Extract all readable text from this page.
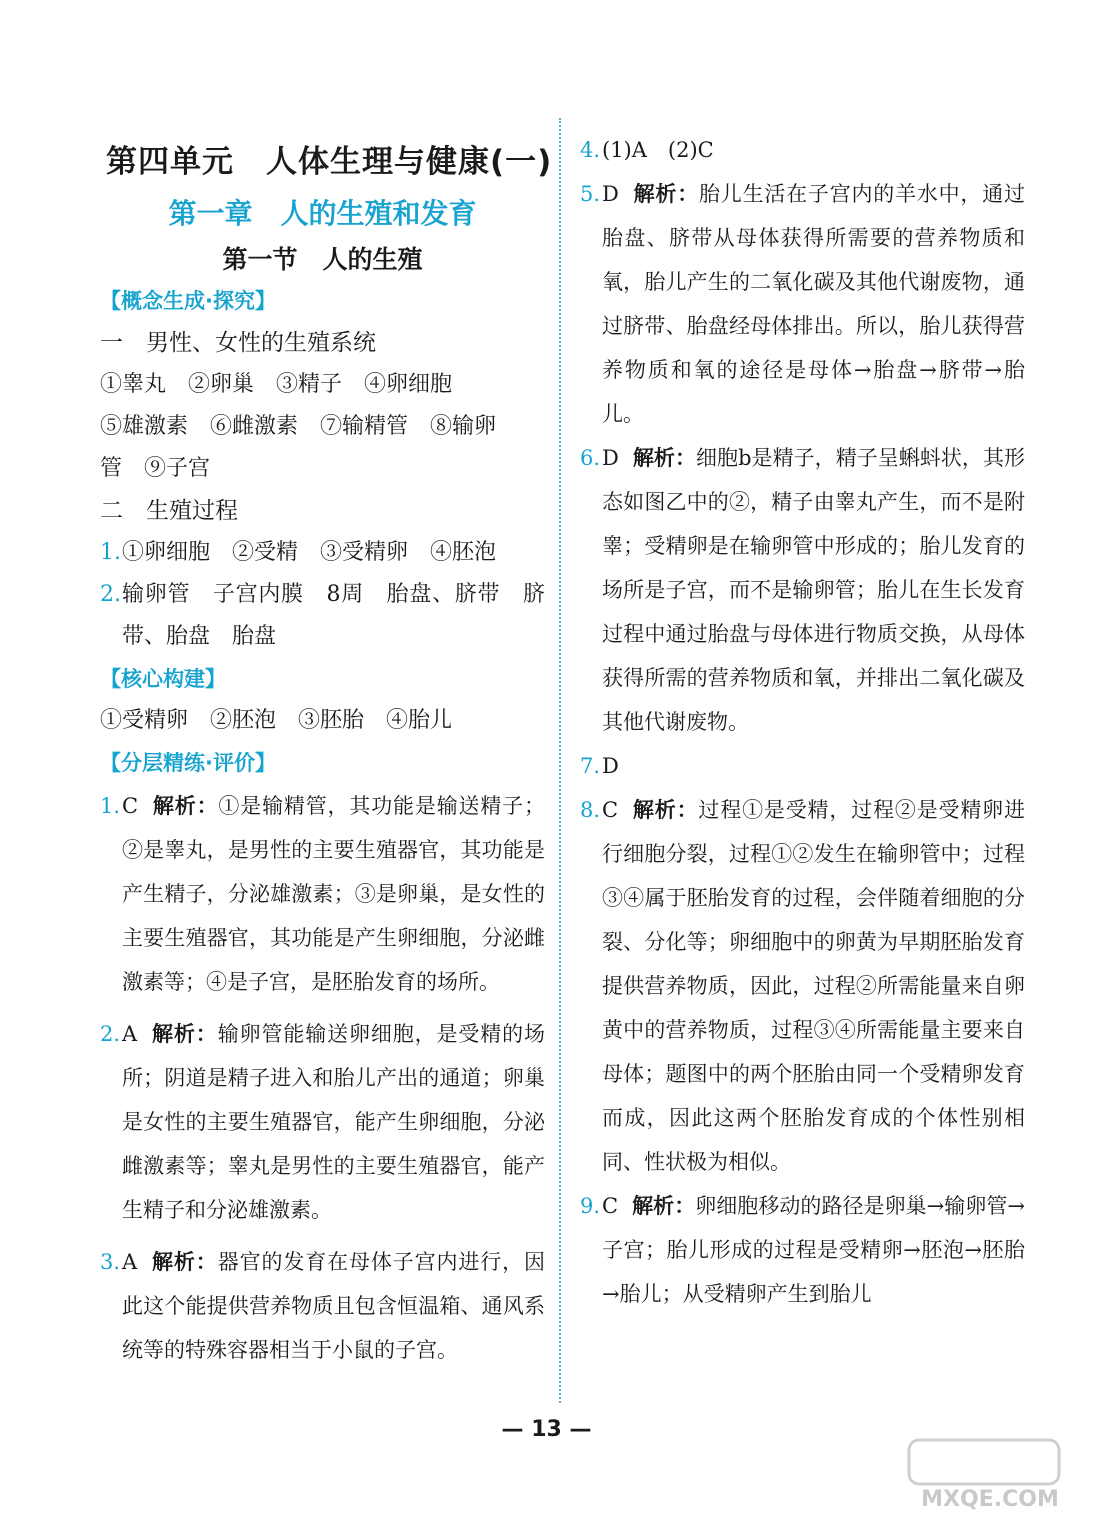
第四单元　人体生理与健康(一)
第一章　人的生殖和发育
第一节　人的生殖
【概念生成·探究】
一　男性、女性的生殖系统
①睾丸　②卵巢　③精子　④卵细胞
⑤雄激素　⑥雌激素　⑦输精管　⑧输卵
管　⑨子宫
二　生殖过程
1. ①卵细胞　②受精　③受精卵　④胚泡
2. 输卵管　子宫内膜　8周　胎盘、脐带　脐带、胎盘　胎盘
【核心构建】
①受精卵　②胚泡　③胚胎　④胎儿
【分层精练·评价】
1. C 解析：①是输精管，其功能是输送精子；②是睾丸，是男性的主要生殖器官，其功能是产生精子，分泌雄激素；③是卵巢，是女性的主要生殖器官，其功能是产生卵细胞，分泌雌激素等；④是子宫，是胚胎发育的场所。
2. A 解析：输卵管能输送卵细胞，是受精的场所；阴道是精子进入和胎儿产出的通道；卵巢是女性的主要生殖器官，能产生卵细胞，分泌雌激素等；睾丸是男性的主要生殖器官，能产生精子和分泌雄激素。
3. A 解析：器官的发育在母体子宫内进行，因此这个能提供营养物质且包含恒温箱、通风系统等的特殊容器相当于小鼠的子宫。
4. (1)A　(2)C
5. D 解析：胎儿生活在子宫内的羊水中，通过胎盘、脐带从母体获得所需要的营养物质和氧，胎儿产生的二氧化碳及其他代谢废物，通过脐带、胎盘经母体排出。所以，胎儿获得营养物质和氧的途径是母体→胎盘→脐带→胎儿。
6. D 解析：细胞b是精子，精子呈蝌蚪状，其形态如图乙中的②，精子由睾丸产生，而不是附睾；受精卵是在输卵管中形成的；胎儿发育的场所是子宫，而不是输卵管；胎儿在生长发育过程中通过胎盘与母体进行物质交换，从母体获得所需的营养物质和氧，并排出二氧化碳及其他代谢废物。
7. D
8. C 解析：过程①是受精，过程②是受精卵进行细胞分裂，过程①②发生在输卵管中；过程③④属于胚胎发育的过程，会伴随着细胞的分裂、分化等；卵细胞中的卵黄为早期胚胎发育提供营养物质，因此，过程②所需能量来自卵黄中的营养物质，过程③④所需能量主要来自母体；题图中的两个胚胎由同一个受精卵发育而成，因此这两个胚胎发育成的个体性别相同、性状极为相似。
9. C 解析：卵细胞移动的路径是卵巢→输卵管→子宫；胎儿形成的过程是受精卵→胚泡→胚胎→胎儿；从受精卵产生到胎儿
— 13 —
MXQE.COM
